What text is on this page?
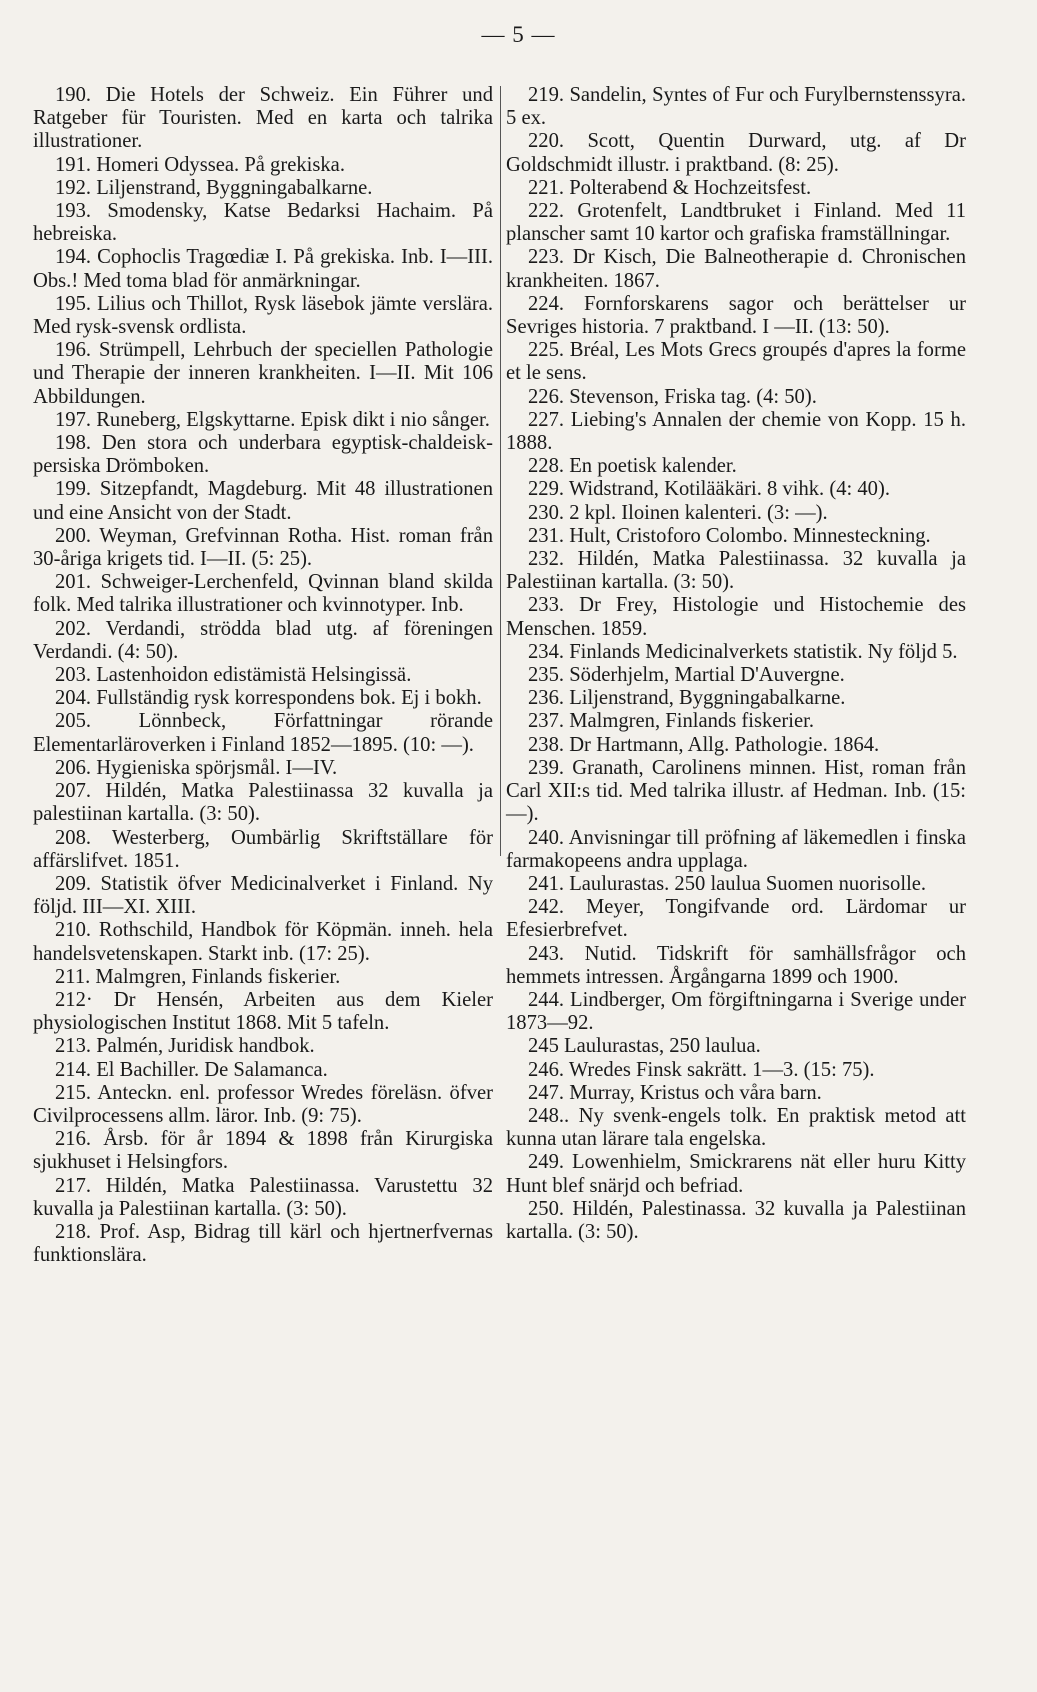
— 5 —
190. Die Hotels der Schweiz. Ein Führer und Ratgeber für Touristen. Med en karta och talrika illustrationer.
191. Homeri Odyssea. På grekiska.
192. Liljenstrand, Byggningabalkarne.
193. Smodensky, Katse Bedarksi Hachaim. På hebreiska.
194. Cophoclis Tragœdiæ I. På grekiska. Inb. I—III. Obs.! Med toma blad för anmärkningar.
195. Lilius och Thillot, Rysk läsebok jämte verslära. Med rysk-svensk ordlista.
196. Strümpell, Lehrbuch der speciellen Pathologie und Therapie der inneren krankheiten. I—II. Mit 106 Abbildungen.
197. Runeberg, Elgskyttarne. Episk dikt i nio sånger.
198. Den stora och underbara egyptisk-chaldeisk-persiska Drömboken.
199. Sitzepfandt, Magdeburg. Mit 48 illustrationen und eine Ansicht von der Stadt.
200. Weyman, Grefvinnan Rotha. Hist. roman från 30-åriga krigets tid. I—II. (5: 25).
201. Schweiger-Lerchenfeld, Qvinnan bland skilda folk. Med talrika illustrationer och kvinnotyper. Inb.
202. Verdandi, strödda blad utg. af föreningen Verdandi. (4: 50).
203. Lastenhoidon edistämistä Helsingissä.
204. Fullständig rysk korrespondens bok. Ej i bokh.
205. Lönnbeck, Författningar rörande Elementarläroverken i Finland 1852—1895. (10: —).
206. Hygieniska spörjsmål. I—IV.
207. Hildén, Matka Palestiinassa 32 kuvalla ja palestiinan kartalla. (3: 50).
208. Westerberg, Oumbärlig Skriftställare för affärslifvet. 1851.
209. Statistik öfver Medicinalverket i Finland. Ny följd. III—XI. XIII.
210. Rothschild, Handbok för Köpmän. inneh. hela handelsvetenskapen. Starkt inb. (17: 25).
211. Malmgren, Finlands fiskerier.
212· Dr Hensén, Arbeiten aus dem Kieler physiologischen Institut 1868. Mit 5 tafeln.
213. Palmén, Juridisk handbok.
214. El Bachiller. De Salamanca.
215. Anteckn. enl. professor Wredes föreläsn. öfver Civilprocessens allm. läror. Inb. (9: 75).
216. Årsb. för år 1894 & 1898 från Kirurgiska sjukhuset i Helsingfors.
217. Hildén, Matka Palestiinassa. Varustettu 32 kuvalla ja Palestiinan kartalla. (3: 50).
218. Prof. Asp, Bidrag till kärl och hjertnerfvernas funktionslära.
219. Sandelin, Syntes of Fur och Furylbernstenssyra. 5 ex.
220. Scott, Quentin Durward, utg. af Dr Goldschmidt illustr. i praktband. (8: 25).
221. Polterabend & Hochzeitsfest.
222. Grotenfelt, Landtbruket i Finland. Med 11 planscher samt 10 kartor och grafiska framställningar.
223. Dr Kisch, Die Balneotherapie d. Chronischen krankheiten. 1867.
224. Fornforskarens sagor och berättelser ur Sevriges historia. 7 praktband. I —II. (13: 50).
225. Bréal, Les Mots Grecs groupés d'apres la forme et le sens.
226. Stevenson, Friska tag. (4: 50).
227. Liebing's Annalen der chemie von Kopp. 15 h. 1888.
228. En poetisk kalender.
229. Widstrand, Kotilääkäri. 8 vihk. (4: 40).
230. 2 kpl. Iloinen kalenteri. (3: —).
231. Hult, Cristoforo Colombo. Minnesteckning.
232. Hildén, Matka Palestiinassa. 32 kuvalla ja Palestiinan kartalla. (3: 50).
233. Dr Frey, Histologie und Histochemie des Menschen. 1859.
234. Finlands Medicinalverkets statistik. Ny följd 5.
235. Söderhjelm, Martial D'Auvergne.
236. Liljenstrand, Byggningabalkarne.
237. Malmgren, Finlands fiskerier.
238. Dr Hartmann, Allg. Pathologie. 1864.
239. Granath, Carolinens minnen. Hist, roman från Carl XII:s tid. Med talrika illustr. af Hedman. Inb. (15: —).
240. Anvisningar till pröfning af läkemedlen i finska farmakopeens andra upplaga.
241. Laulurastas. 250 laulua Suomen nuorisolle.
242. Meyer, Tongifvande ord. Lärdomar ur Efesierbrefvet.
243. Nutid. Tidskrift för samhällsfrågor och hemmets intressen. Årgångarna 1899 och 1900.
244. Lindberger, Om förgiftningarna i Sverige under 1873—92.
245 Laulurastas, 250 laulua.
246. Wredes Finsk sakrätt. 1—3. (15: 75).
247. Murray, Kristus och våra barn.
248.. Ny svenk-engels tolk. En praktisk metod att kunna utan lärare tala engelska.
249. Lowenhielm, Smickrarens nät eller huru Kitty Hunt blef snärjd och befriad.
250. Hildén, Palestinassa. 32 kuvalla ja Palestiinan kartalla. (3: 50).
